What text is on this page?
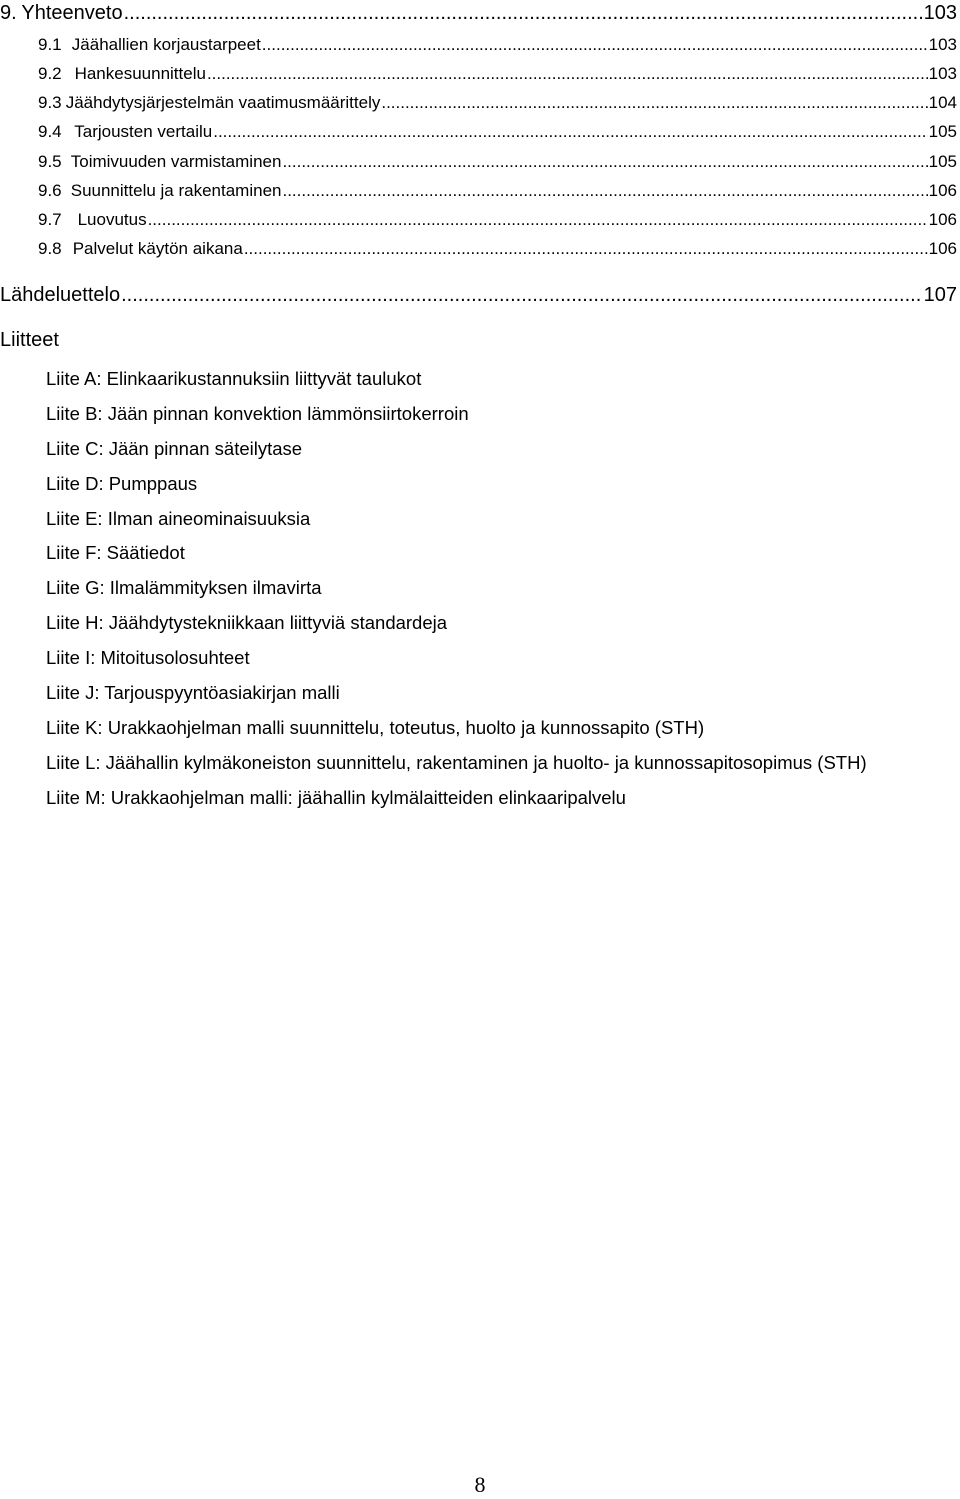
9. Yhteenveto .....	103
9.1 Jäähallien korjaustarpeet .....	103
9.2 Hankesuunnittelu .....	103
9.3 Jäähdytysjärjestelmän vaatimusmäärittely .....	104
9.4 Tarjousten vertailu .....	105
9.5 Toimivuuden varmistaminen .....	105
9.6 Suunnittelu ja rakentaminen .....	106
9.7 Luovutus .....	106
9.8 Palvelut käytön aikana .....	106
Lähdeluettelo .....	107
Liitteet
Liite A: Elinkaarikustannuksiin liittyvät taulukot
Liite B: Jään pinnan konvektion lämmönsiirtokerroin
Liite C: Jään pinnan säteilytase
Liite D: Pumppaus
Liite E: Ilman aineominaisuuksia
Liite F: Säätiedot
Liite G: Ilmalämmityksen ilmavirta
Liite H: Jäähdytystekniikkaan liittyviä standardeja
Liite I: Mitoitusolosuhteet
Liite J: Tarjouspyyntöasiakirjan malli
Liite K: Urakkaohjelman malli suunnittelu, toteutus, huolto ja kunnossapito (STH)
Liite L: Jäähallin kylmäkoneiston suunnittelu, rakentaminen ja huolto- ja kunnossapitosopimus (STH)
Liite M: Urakkaohjelman malli: jäähallin kylmälaitteiden elinkaaripalvelu
8
